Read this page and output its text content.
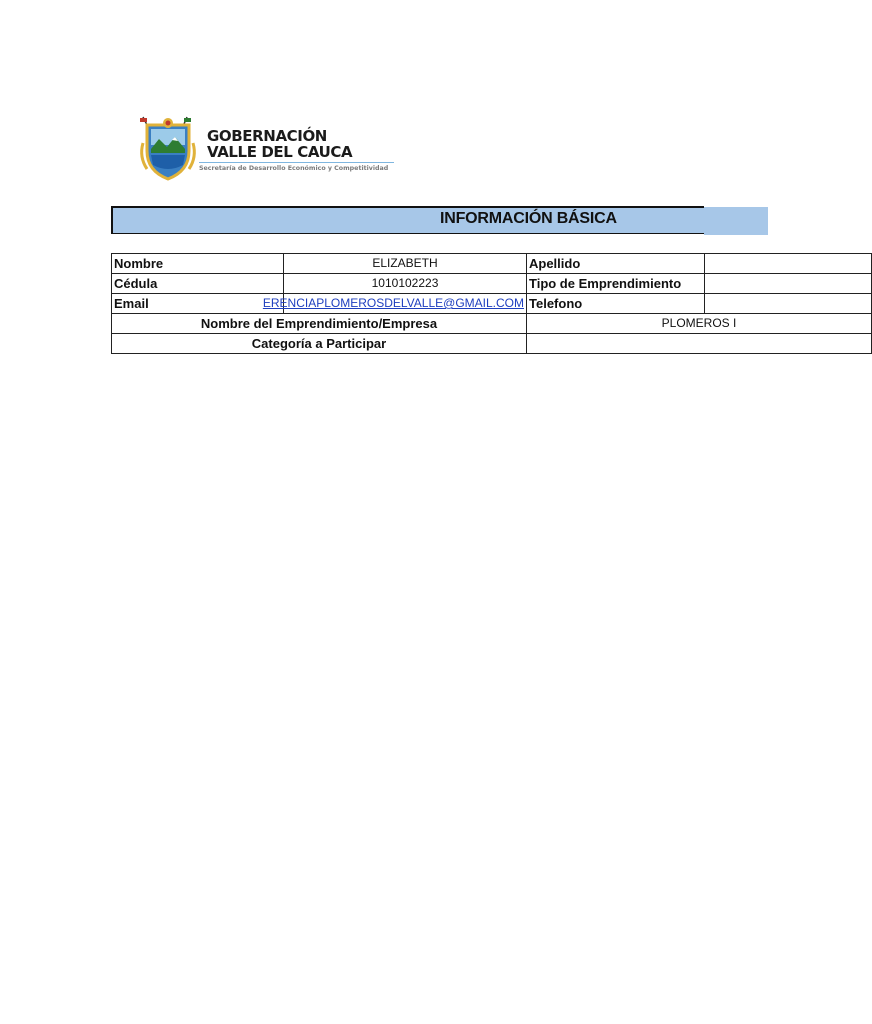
GOBERNACIÓN
VALLE DEL CAUCA
Secretaría de Desarrollo Económico y Competitividad
INFORMACIÓN BÁSICA
Nombre	ELIZABETH	Apellido	
Cédula	1010102223	Tipo de Emprendimiento	
Email	ERENCIAPLOMEROSDELVALLE@GMAIL.COM	Telefono	
Nombre del Emprendimiento/Empresa		PLOMEROS I	
Categoría a Participar			
